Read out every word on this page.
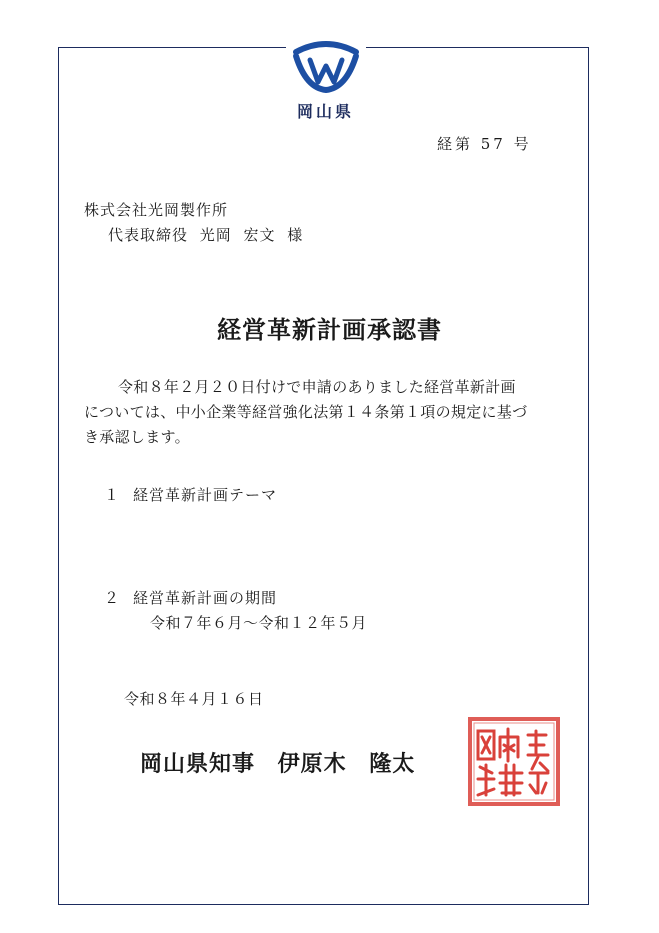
岡山県
経第 57 号
株式会社光岡製作所
代表取締役 光岡 宏文 様
経営革新計画承認書
令和８年２月２０日付けで申請のありました経営革新計画
については、中小企業等経営強化法第１４条第１項の規定に基づ
き承認します。
１ 経営革新計画テーマ
２ 経営革新計画の期間
令和７年６月～令和１２年５月
令和８年４月１６日
岡山県知事 伊原木 隆太
